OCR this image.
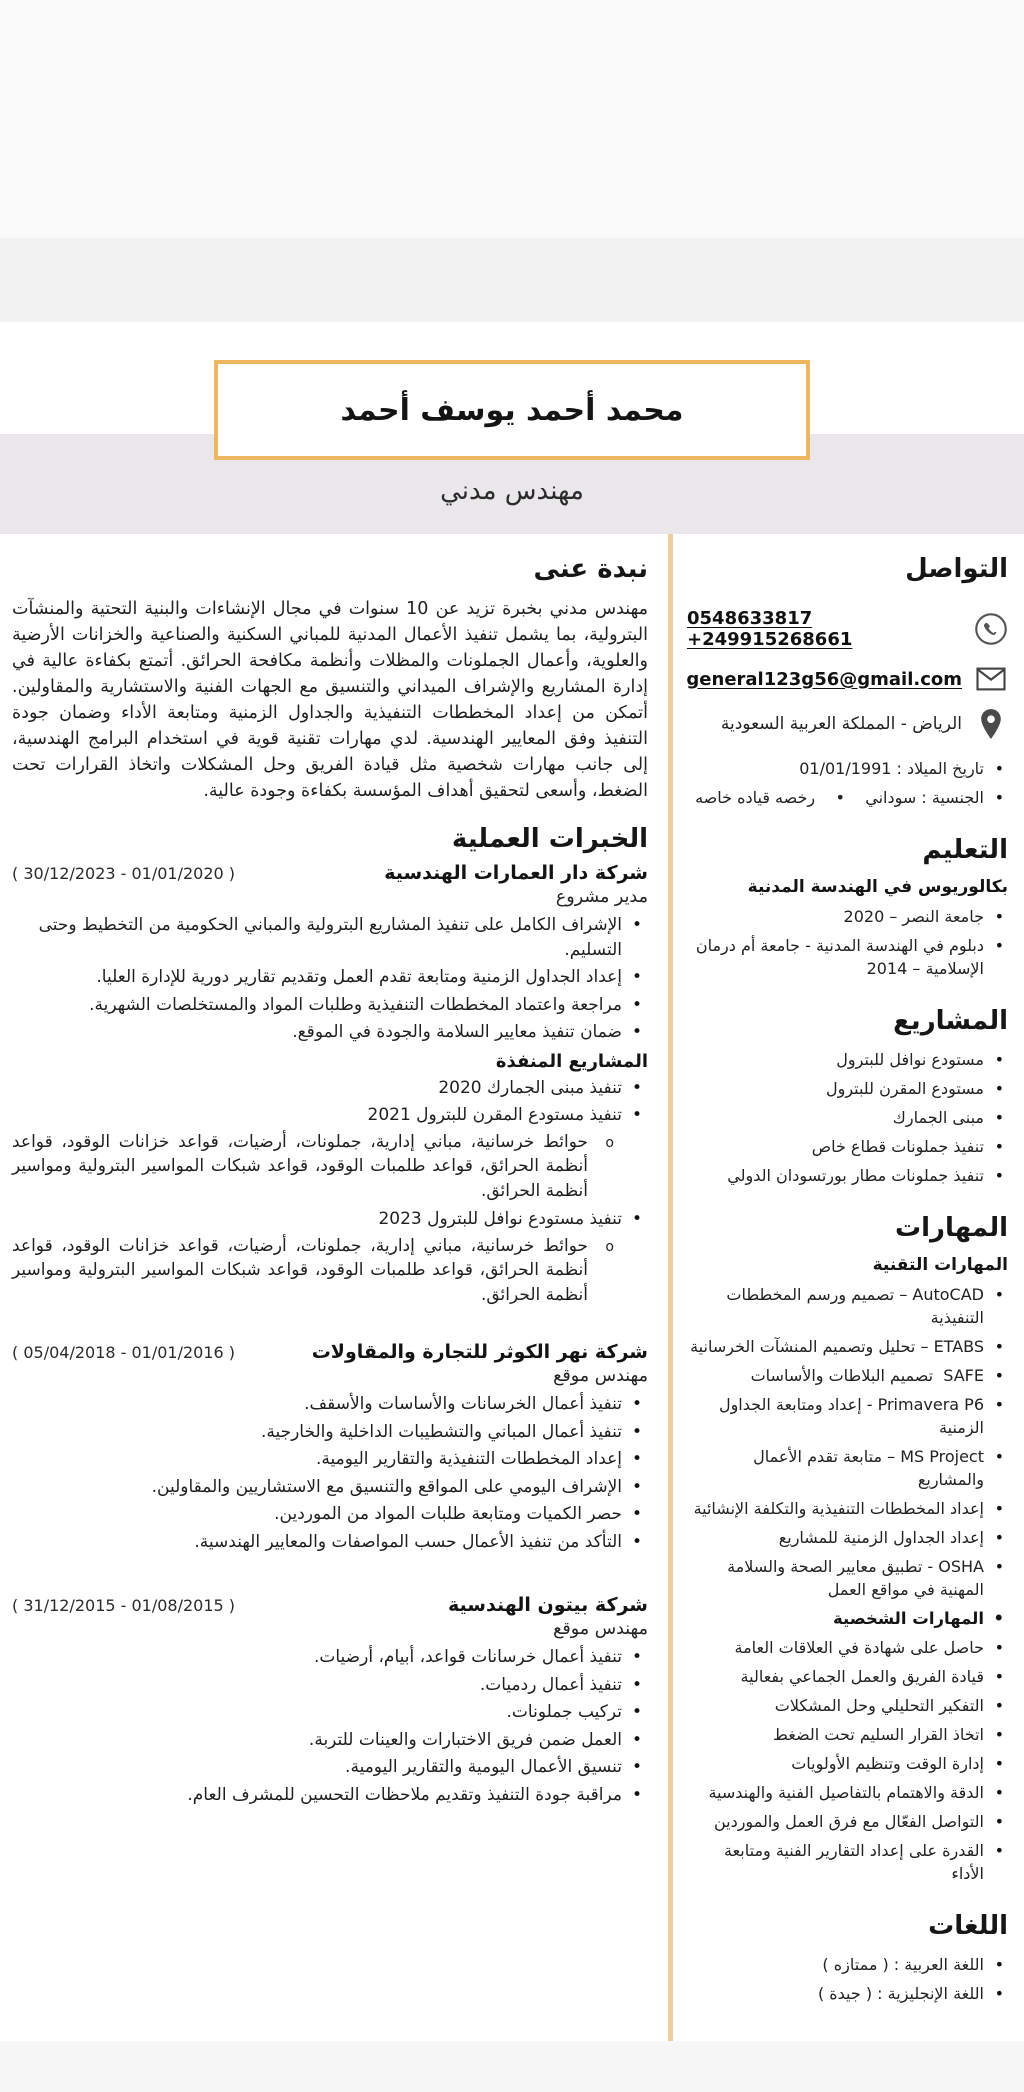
محمد أحمد يوسف أحمد
مهندس مدني
التواصل
0548633817 +249915268661
general123g56@gmail.com
الرياض - المملكة العربية السعودية
• تاريخ الميلاد : 01/01/1991
• الجنسية : سوداني    •    رخصه قياده خاصه
التعليم
بكالوريوس في الهندسة المدنية
• جامعة النصر – 2020
• دبلوم في الهندسة المدنية - جامعة أم درمان الإسلامية – 2014
المشاريع
• مستودع نوافل للبترول
• مستودع المقرن للبترول
• مبنى الجمارك
• تنفيذ جملونات قطاع خاص
• تنفيذ جملونات مطار بورتسودان الدولي
المهارات
المهارات التقنية
• AutoCAD – تصميم ورسم المخططات التنفيذية
• ETABS – تحليل وتصميم المنشآت الخرسانية
• SAFE  تصميم البلاطات والأساسات
• Primavera P6 - إعداد ومتابعة الجداول الزمنية
• MS Project – متابعة تقدم الأعمال والمشاريع
• إعداد المخططات التنفيذية والتكلفة الإنشائية
• إعداد الجداول الزمنية للمشاريع
• OSHA - تطبيق معايير الصحة والسلامة المهنية في مواقع العمل
• المهارات الشخصية
• حاصل على شهادة في العلاقات العامة
• قيادة الفريق والعمل الجماعي بفعالية
• التفكير التحليلي وحل المشكلات
• اتخاذ القرار السليم تحت الضغط
• إدارة الوقت وتنظيم الأولويات
• الدقة والاهتمام بالتفاصيل الفنية والهندسية
• التواصل الفعّال مع فرق العمل والموردين
• القدرة على إعداد التقارير الفنية ومتابعة الأداء
اللغات
• اللغة العربية : ( ممتازه )
• اللغة الإنجليزية : ( جيدة )
نبدة عنى

مهندس مدني بخبرة تزيد عن 10 سنوات في مجال الإنشاءات والبنية التحتية والمنشآت البترولية، بما يشمل تنفيذ الأعمال المدنية للمباني السكنية والصناعية والخزانات الأرضية والعلوية، وأعمال الجملونات والمظلات وأنظمة مكافحة الحرائق. أتمتع بكفاءة عالية في إدارة المشاريع والإشراف الميداني والتنسيق مع الجهات الفنية والاستشارية والمقاولين. أتمكن من إعداد المخططات التنفيذية والجداول الزمنية ومتابعة الأداء وضمان جودة التنفيذ وفق المعايير الهندسية. لدي مهارات تقنية قوية في استخدام البرامج الهندسية، إلى جانب مهارات شخصية مثل قيادة الفريق وحل المشكلات واتخاذ القرارات تحت الضغط، وأسعى لتحقيق أهداف المؤسسة بكفاءة وجودة عالية.

الخبرات العملية
شركة دار العمارات الهندسية
( 30/12/2023 - 01/01/2020 )
مدير مشروع
• الإشراف الكامل على تنفيذ المشاريع البترولية والمباني الحكومية من التخطيط وحتى التسليم.
• إعداد الجداول الزمنية ومتابعة تقدم العمل وتقديم تقارير دورية للإدارة العليا.
• مراجعة واعتماد المخططات التنفيذية وطلبات المواد والمستخلصات الشهرية.
• ضمان تنفيذ معايير السلامة والجودة في الموقع.
المشاريع المنفذة
• تنفيذ مبنى الجمارك 2020
• تنفيذ مستودع المقرن للبترول 2021
o حوائط خرسانية، مباني إدارية، جملونات، أرضيات، قواعد خزانات الوقود، قواعد أنظمة الحرائق، قواعد طلمبات الوقود، قواعد شبكات المواسير البترولية ومواسير أنظمة الحرائق.
• تنفيذ مستودع نوافل للبترول 2023
o حوائط خرسانية، مباني إدارية، جملونات، أرضيات، قواعد خزانات الوقود، قواعد أنظمة الحرائق، قواعد طلمبات الوقود، قواعد شبكات المواسير البترولية ومواسير أنظمة الحرائق.
شركة نهر الكوثر للتجارة والمقاولات
( 05/04/2018 - 01/01/2016 )
مهندس موقع
• تنفيذ أعمال الخرسانات والأساسات والأسقف.
• تنفيذ أعمال المباني والتشطيبات الداخلية والخارجية.
• إعداد المخططات التنفيذية والتقارير اليومية.
• الإشراف اليومي على المواقع والتنسيق مع الاستشاريين والمقاولين.
• حصر الكميات ومتابعة طلبات المواد من الموردين.
• التأكد من تنفيذ الأعمال حسب المواصفات والمعايير الهندسية.
شركة بيتون الهندسية
( 31/12/2015 - 01/08/2015 )
مهندس موقع
• تنفيذ أعمال خرسانات قواعد، أبيام، أرضيات.
• تنفيذ أعمال ردميات.
• تركيب جملونات.
• العمل ضمن فريق الاختبارات والعينات للتربة.
• تنسيق الأعمال اليومية والتقارير اليومية.
• مراقبة جودة التنفيذ وتقديم ملاحظات التحسين للمشرف العام.
